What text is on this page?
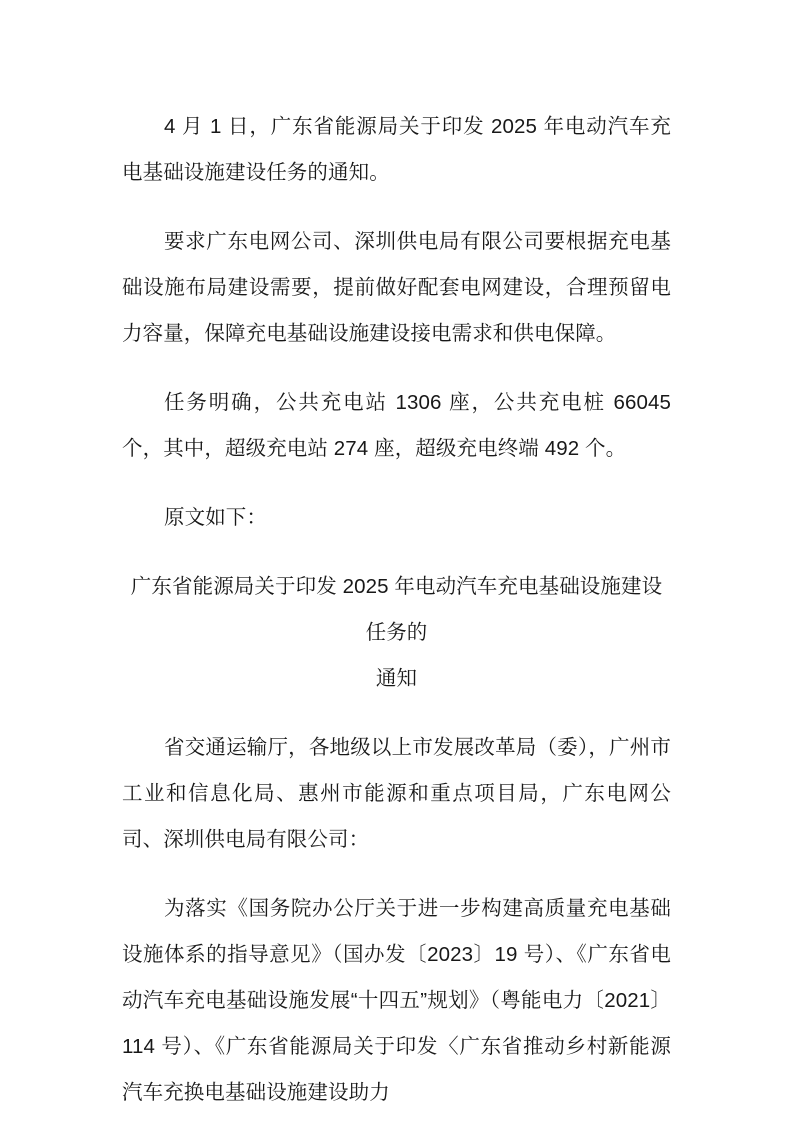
4 月 1 日，广东省能源局关于印发 2025 年电动汽车充电基础设施建设任务的通知。

要求广东电网公司、深圳供电局有限公司要根据充电基础设施布局建设需要，提前做好配套电网建设，合理预留电力容量，保障充电基础设施建设接电需求和供电保障。

任务明确，公共充电站 1306 座，公共充电桩 66045 个，其中，超级充电站 274 座，超级充电终端 492 个。

原文如下：

广东省能源局关于印发 2025 年电动汽车充电基础设施建设任务的
通知

省交通运输厅，各地级以上市发展改革局（委），广州市工业和信息化局、惠州市能源和重点项目局，广东电网公司、深圳供电局有限公司：

为落实《国务院办公厅关于进一步构建高质量充电基础设施体系的指导意见》（国办发〔2023〕19 号）、《广东省电动汽车充电基础设施发展“十四五”规划》（粤能电力〔2021〕114 号）、《广东省能源局关于印发〈广东省推动乡村新能源汽车充换电基础设施建设助力
